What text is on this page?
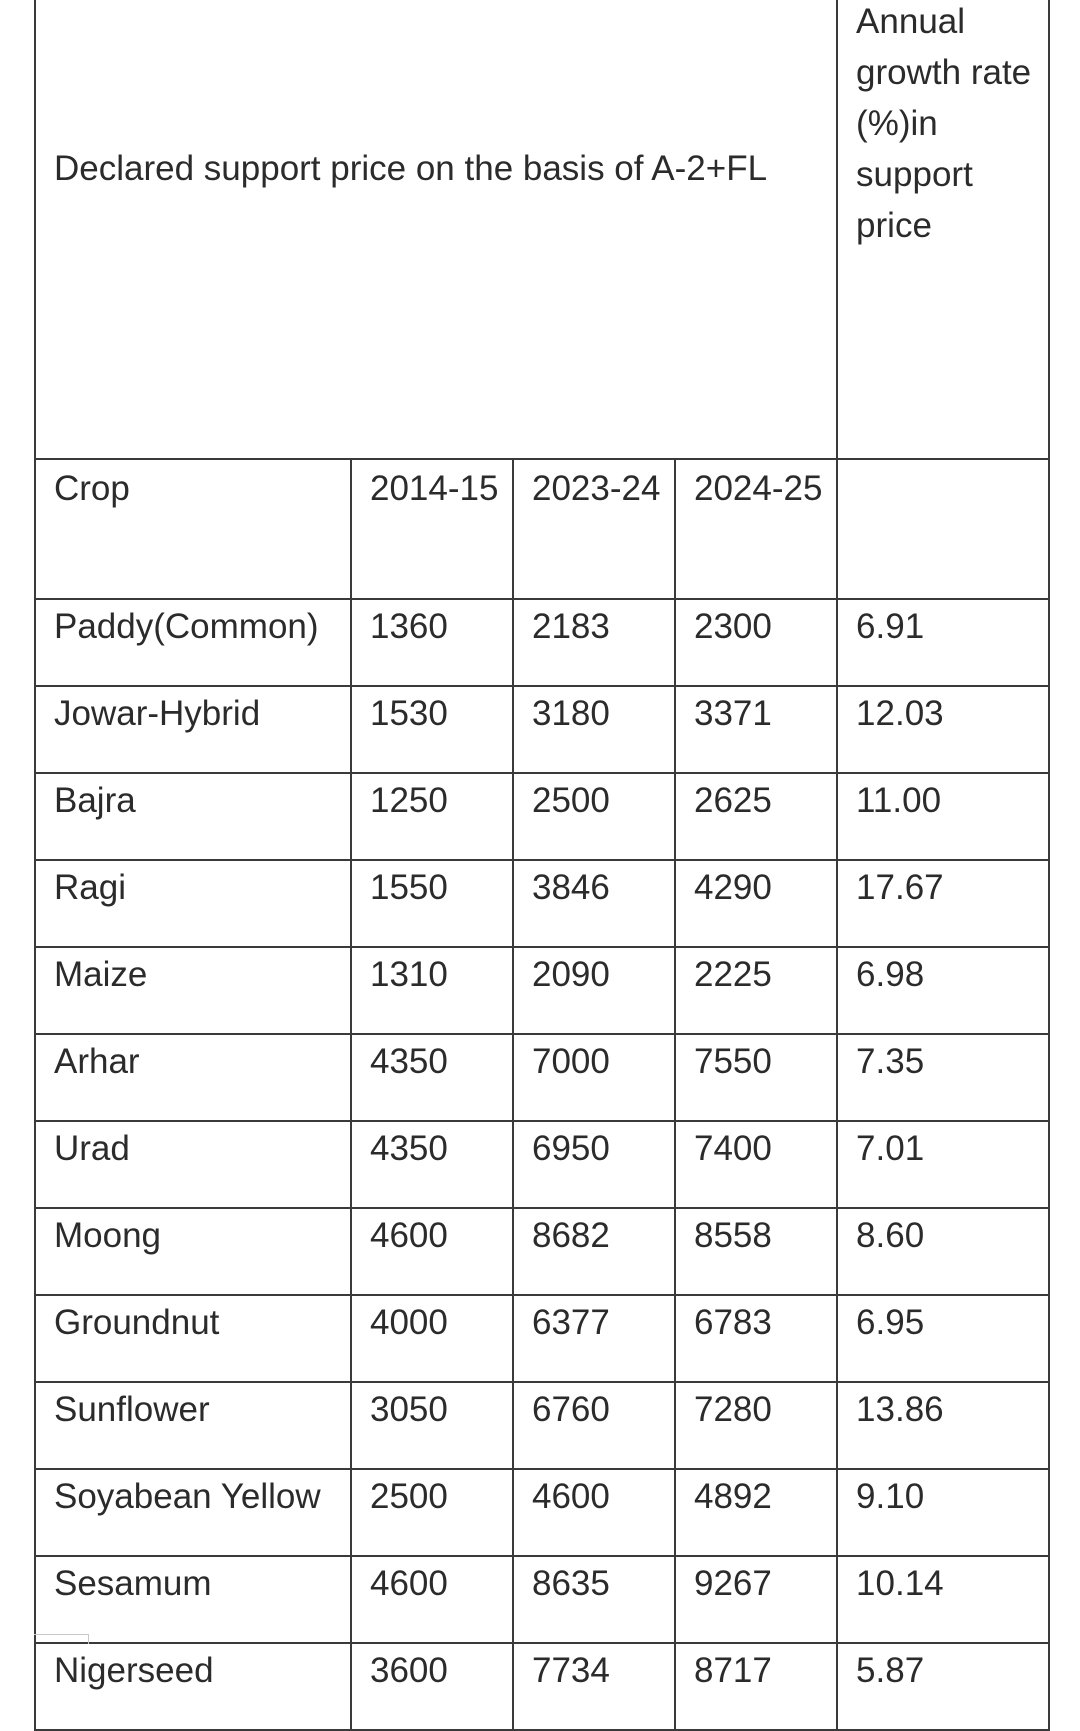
Declared support price on the basis of A-2+FL				Annual growth rate (%)in support price
Crop	2014-15	2023-24	2024-25	
Paddy(Common)	1360	2183	2300	6.91
Jowar-Hybrid	1530	3180	3371	12.03
Bajra	1250	2500	2625	11.00
Ragi	1550	3846	4290	17.67
Maize	1310	2090	2225	6.98
Arhar	4350	7000	7550	7.35
Urad	4350	6950	7400	7.01
Moong	4600	8682	8558	8.60
Groundnut	4000	6377	6783	6.95
Sunflower	3050	6760	7280	13.86
Soyabean Yellow	2500	4600	4892	9.10
Sesamum	4600	8635	9267	10.14
Nigerseed	3600	7734	8717	5.87
